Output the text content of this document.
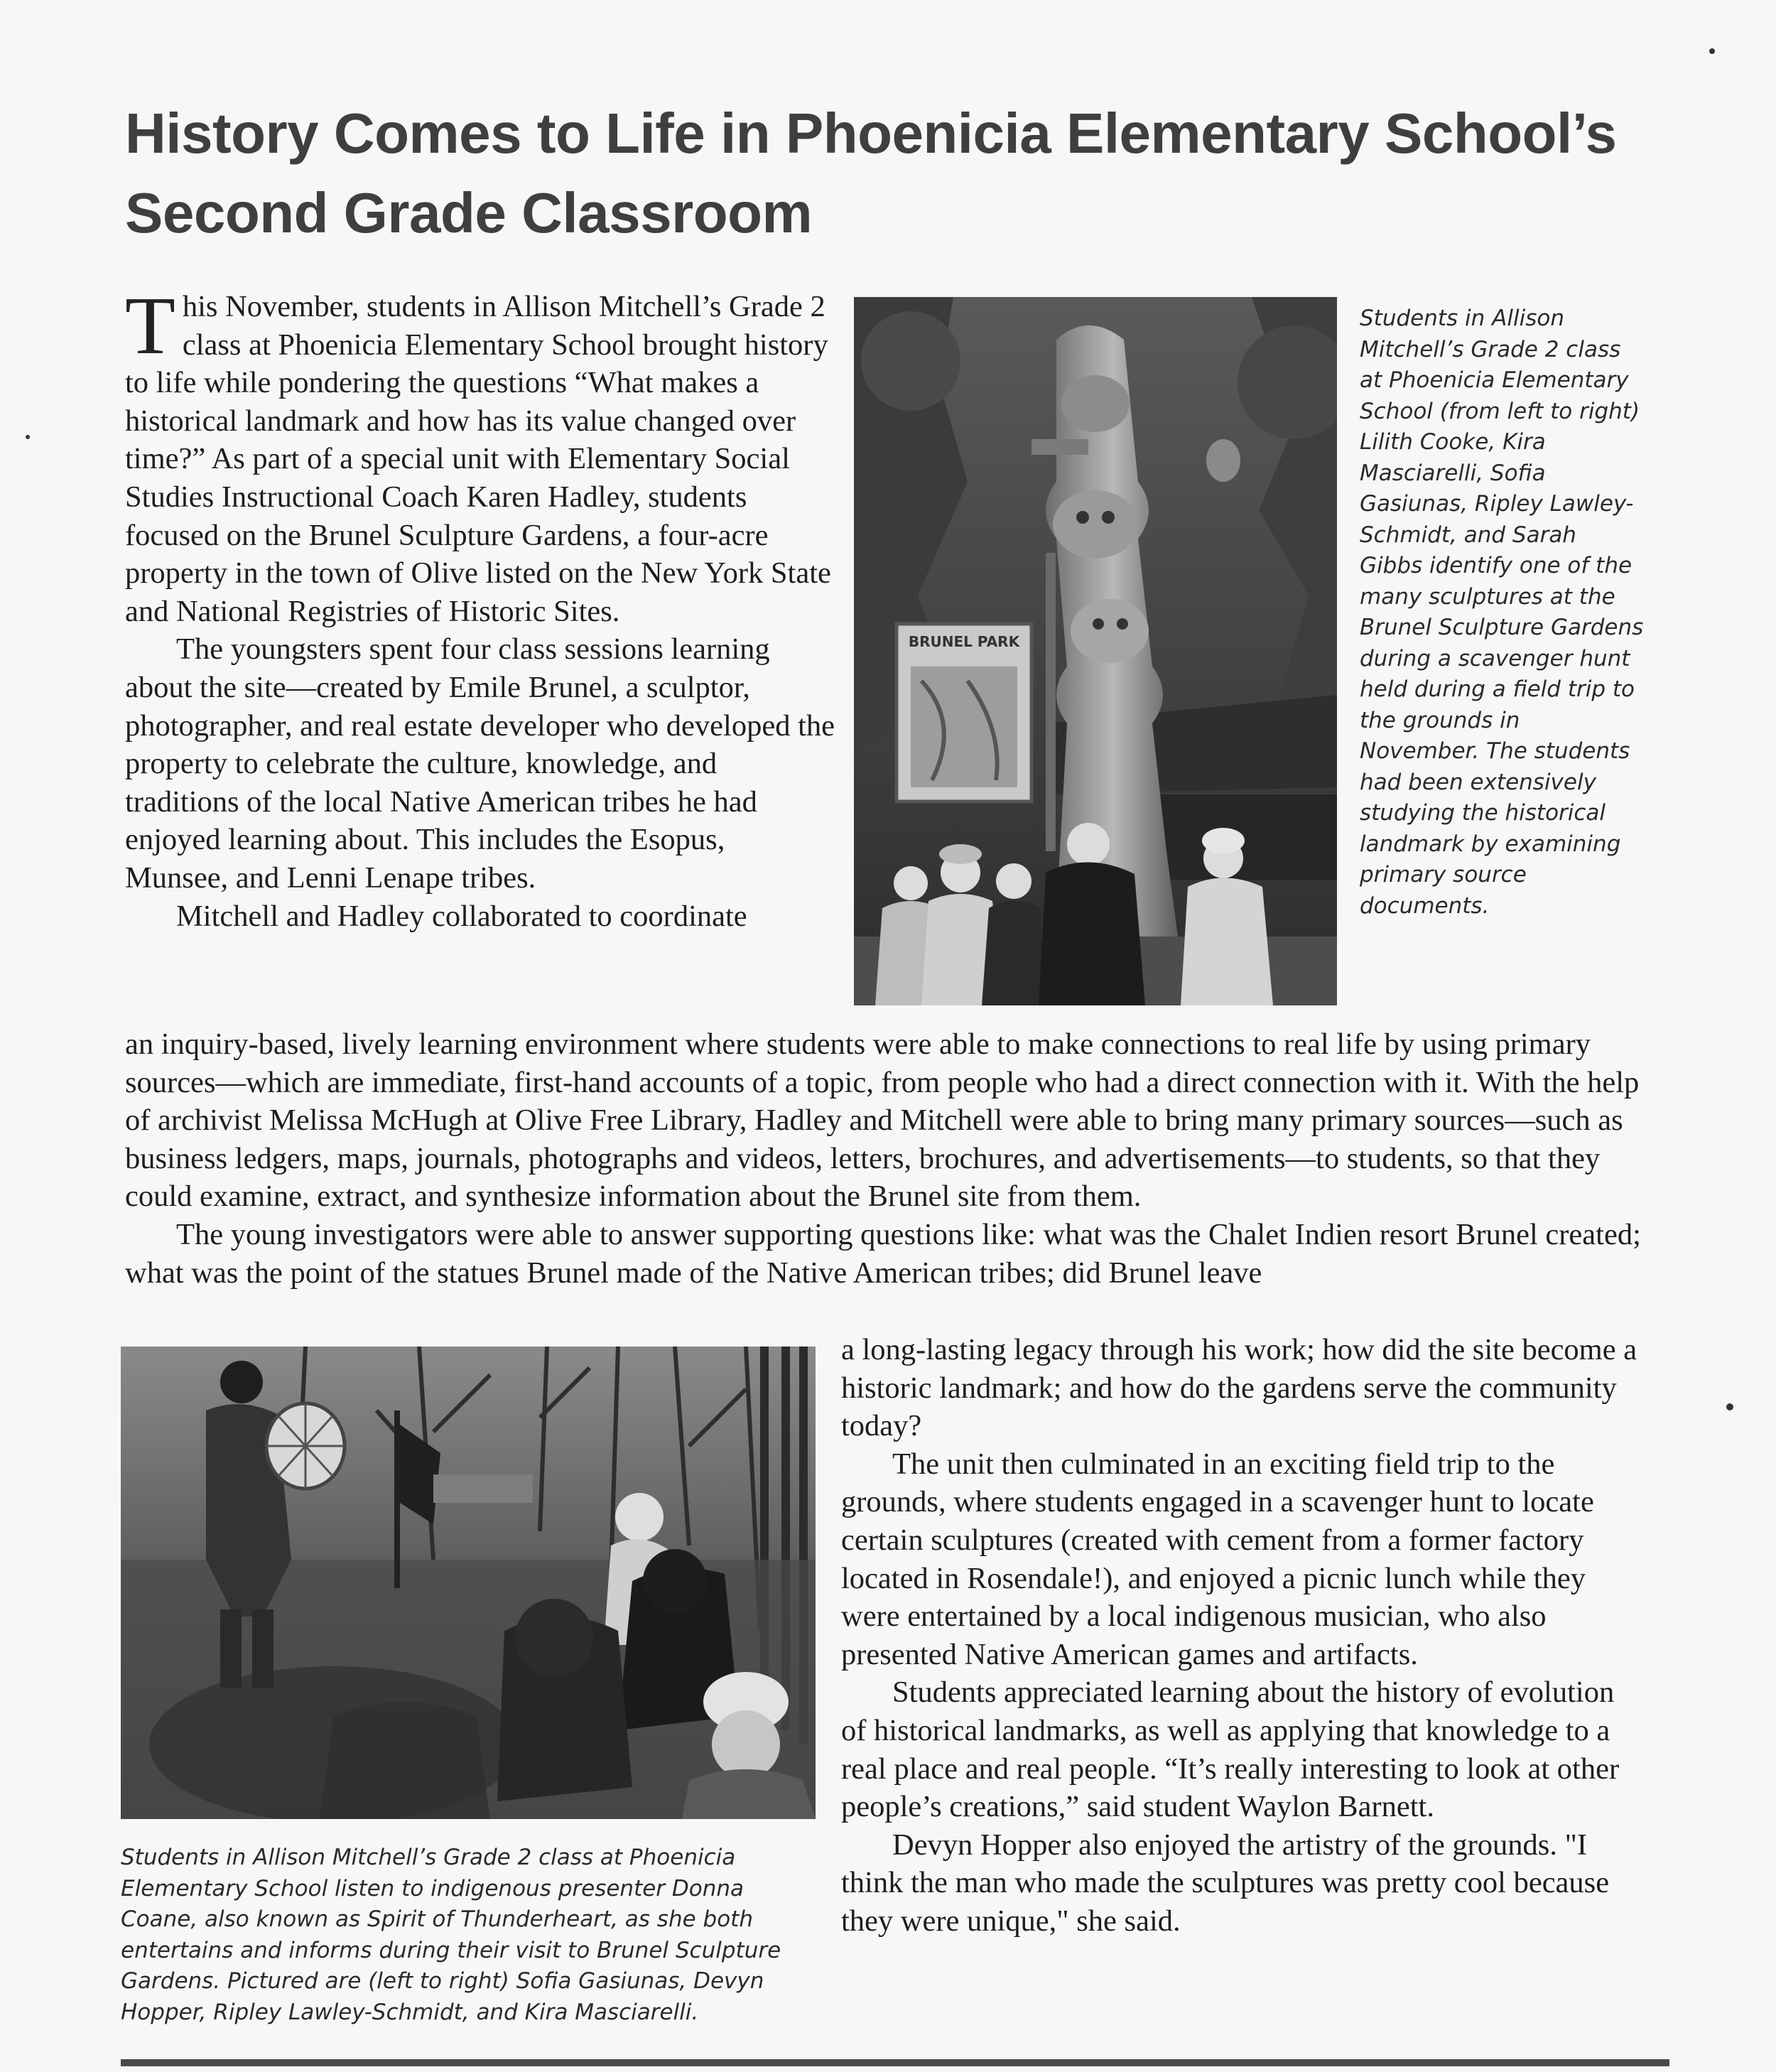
History Comes to Life in Phoenicia Elementary School’s Second Grade Classroom

This November, students in Allison Mitchell’s Grade 2 class at Phoenicia Elementary School brought history to life while pondering the questions “What makes a historical landmark and how has its value changed over time?” As part of a special unit with Elementary Social Studies Instructional Coach Karen Hadley, students focused on the Brunel Sculpture Gardens, a four-acre property in the town of Olive listed on the New York State and National Registries of Historic Sites.

The youngsters spent four class sessions learning about the site—created by Emile Brunel, a sculptor, photographer, and real estate developer who developed the property to celebrate the culture, knowledge, and traditions of the local Native American tribes he had enjoyed learning about. This includes the Esopus, Munsee, and Lenni Lenape tribes.

Mitchell and Hadley collaborated to coordinate

an inquiry-based, lively learning environment where students were able to make connections to real life by using primary sources—which are immediate, first-hand accounts of a topic, from people who had a direct connection with it. With the help of archivist Melissa McHugh at Olive Free Library, Hadley and Mitchell were able to bring many primary sources—such as business ledgers, maps, journals, photographs and videos, letters, brochures, and advertisements—to students, so that they could examine, extract, and synthesize information about the Brunel site from them.

The young investigators were able to answer supporting questions like: what was the Chalet Indien resort Brunel created; what was the point of the statues Brunel made of the Native American tribes; did Brunel leave

a long-lasting legacy through his work; how did the site become a historic landmark; and how do the gardens serve the community today?

The unit then culminated in an exciting field trip to the grounds, where students engaged in a scavenger hunt to locate certain sculptures (created with cement from a former factory located in Rosendale!), and enjoyed a picnic lunch while they were entertained by a local indigenous musician, who also presented Native American games and artifacts.

Students appreciated learning about the history of evolution of historical landmarks, as well as applying that knowledge to a real place and real people. “It’s really interesting to look at other people’s creations,” said student Waylon Barnett.

Devyn Hopper also enjoyed the artistry of the grounds. "I think the man who made the sculptures was pretty cool because they were unique," she said.

BRUNEL PARK

Students in Allison Mitchell’s Grade 2 class at Phoenicia Elementary School (from left to right) Lilith Cooke, Kira Masciarelli, Sofia Gasiunas, Ripley Lawley-Schmidt, and Sarah Gibbs identify one of the many sculptures at the Brunel Sculpture Gardens during a scavenger hunt held during a field trip to the grounds in November. The students had been extensively studying the historical landmark by examining primary source documents.

Students in Allison Mitchell’s Grade 2 class at Phoenicia Elementary School listen to indigenous presenter Donna Coane, also known as Spirit of Thunderheart, as she both entertains and informs during their visit to Brunel Sculpture Gardens. Pictured are (left to right) Sofia Gasiunas, Devyn Hopper, Ripley Lawley-Schmidt, and Kira Masciarelli.
